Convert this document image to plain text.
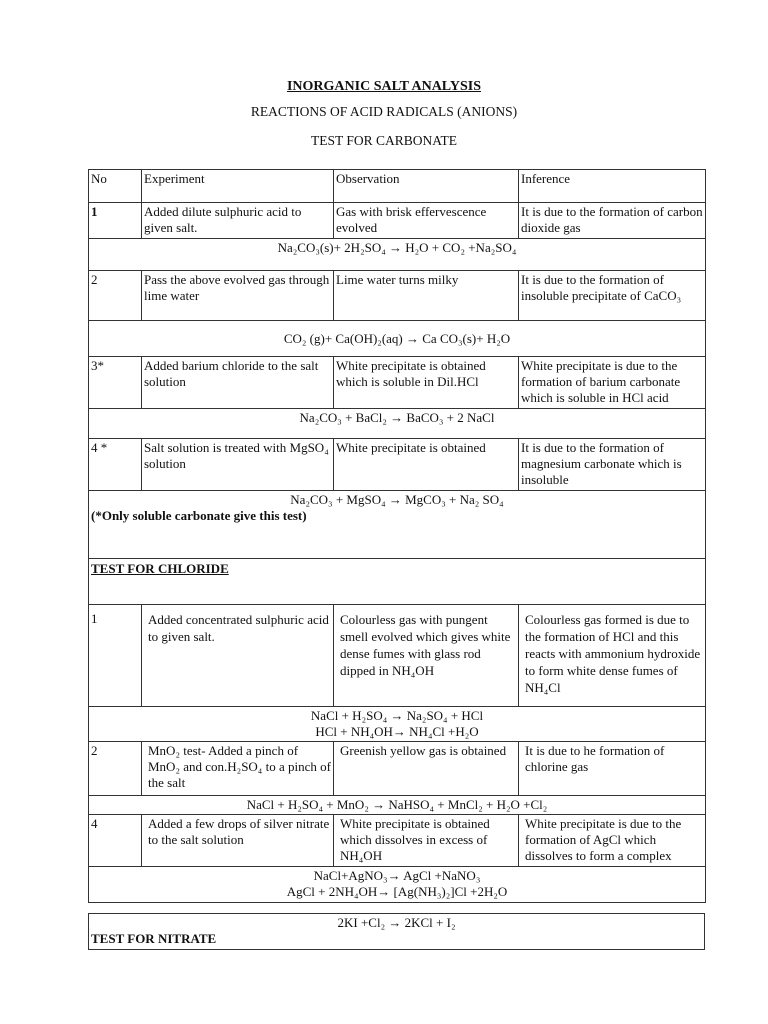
INORGANIC SALT ANALYSIS
REACTIONS OF ACID RADICALS (ANIONS)
TEST FOR CARBONATE
No	Experiment	Observation	Inference
1	Added dilute sulphuric acid to given salt.	Gas with brisk effervescence evolved	It is due to the formation of carbon dioxide gas
Na₂CO₃(s)+ 2H₂SO₄ → H₂O + CO₂ +Na₂SO₄			
2	Pass the above evolved gas through lime water	Lime water turns milky	It is due to the formation of insoluble precipitate of CaCO₃
CO₂ (g)+ Ca(OH)₂(aq) → Ca CO₃(s)+ H₂O			
3*	Added barium chloride to the salt solution	White precipitate is obtained which is soluble in Dil.HCl	White precipitate is due to the formation of barium carbonate which is soluble in HCl acid
Na₂CO₃ + BaCl₂ → BaCO₃ + 2 NaCl			
4 *	Salt solution is treated with MgSO₄ solution	White precipitate is obtained	It is due to the formation of magnesium carbonate which is insoluble

Na₂CO₃ + MgSO₄ → MgCO₃ + Na₂ SO₄
(*Only soluble carbonate give this test)			

TEST FOR CHLORIDE			
1	Added concentrated sulphuric acid to given salt.	Colourless gas with pungent smell evolved which gives white dense fumes with glass rod dipped in NH₄OH	Colourless gas formed is due to the formation of HCl and this reacts with ammonium hydroxide to form white dense fumes of NH₄Cl

NaCl + H₂SO₄ → Na₂SO₄ + HCl
HCl + NH₄OH→ NH₄Cl +H₂O			

2	MnO₂ test- Added a pinch of MnO₂ and con.H₂SO₄ to a pinch of the salt	Greenish yellow gas is obtained	It is due to he formation of chlorine gas
NaCl + H₂SO₄ + MnO₂ → NaHSO₄ + MnCl₂ + H₂O +Cl₂			
4	Added a few drops of silver nitrate to the salt solution	White precipitate is obtained which dissolves in excess of NH₄OH	White precipitate is due to the formation of AgCl which dissolves to form a complex

NaCl+AgNO₃→ AgCl +NaNO₃
AgCl + 2NH₄OH→ [Ag(NH₃)₂]Cl +2H₂O			
2KI +Cl₂ → 2KCl + I₂
TEST FOR NITRATE
